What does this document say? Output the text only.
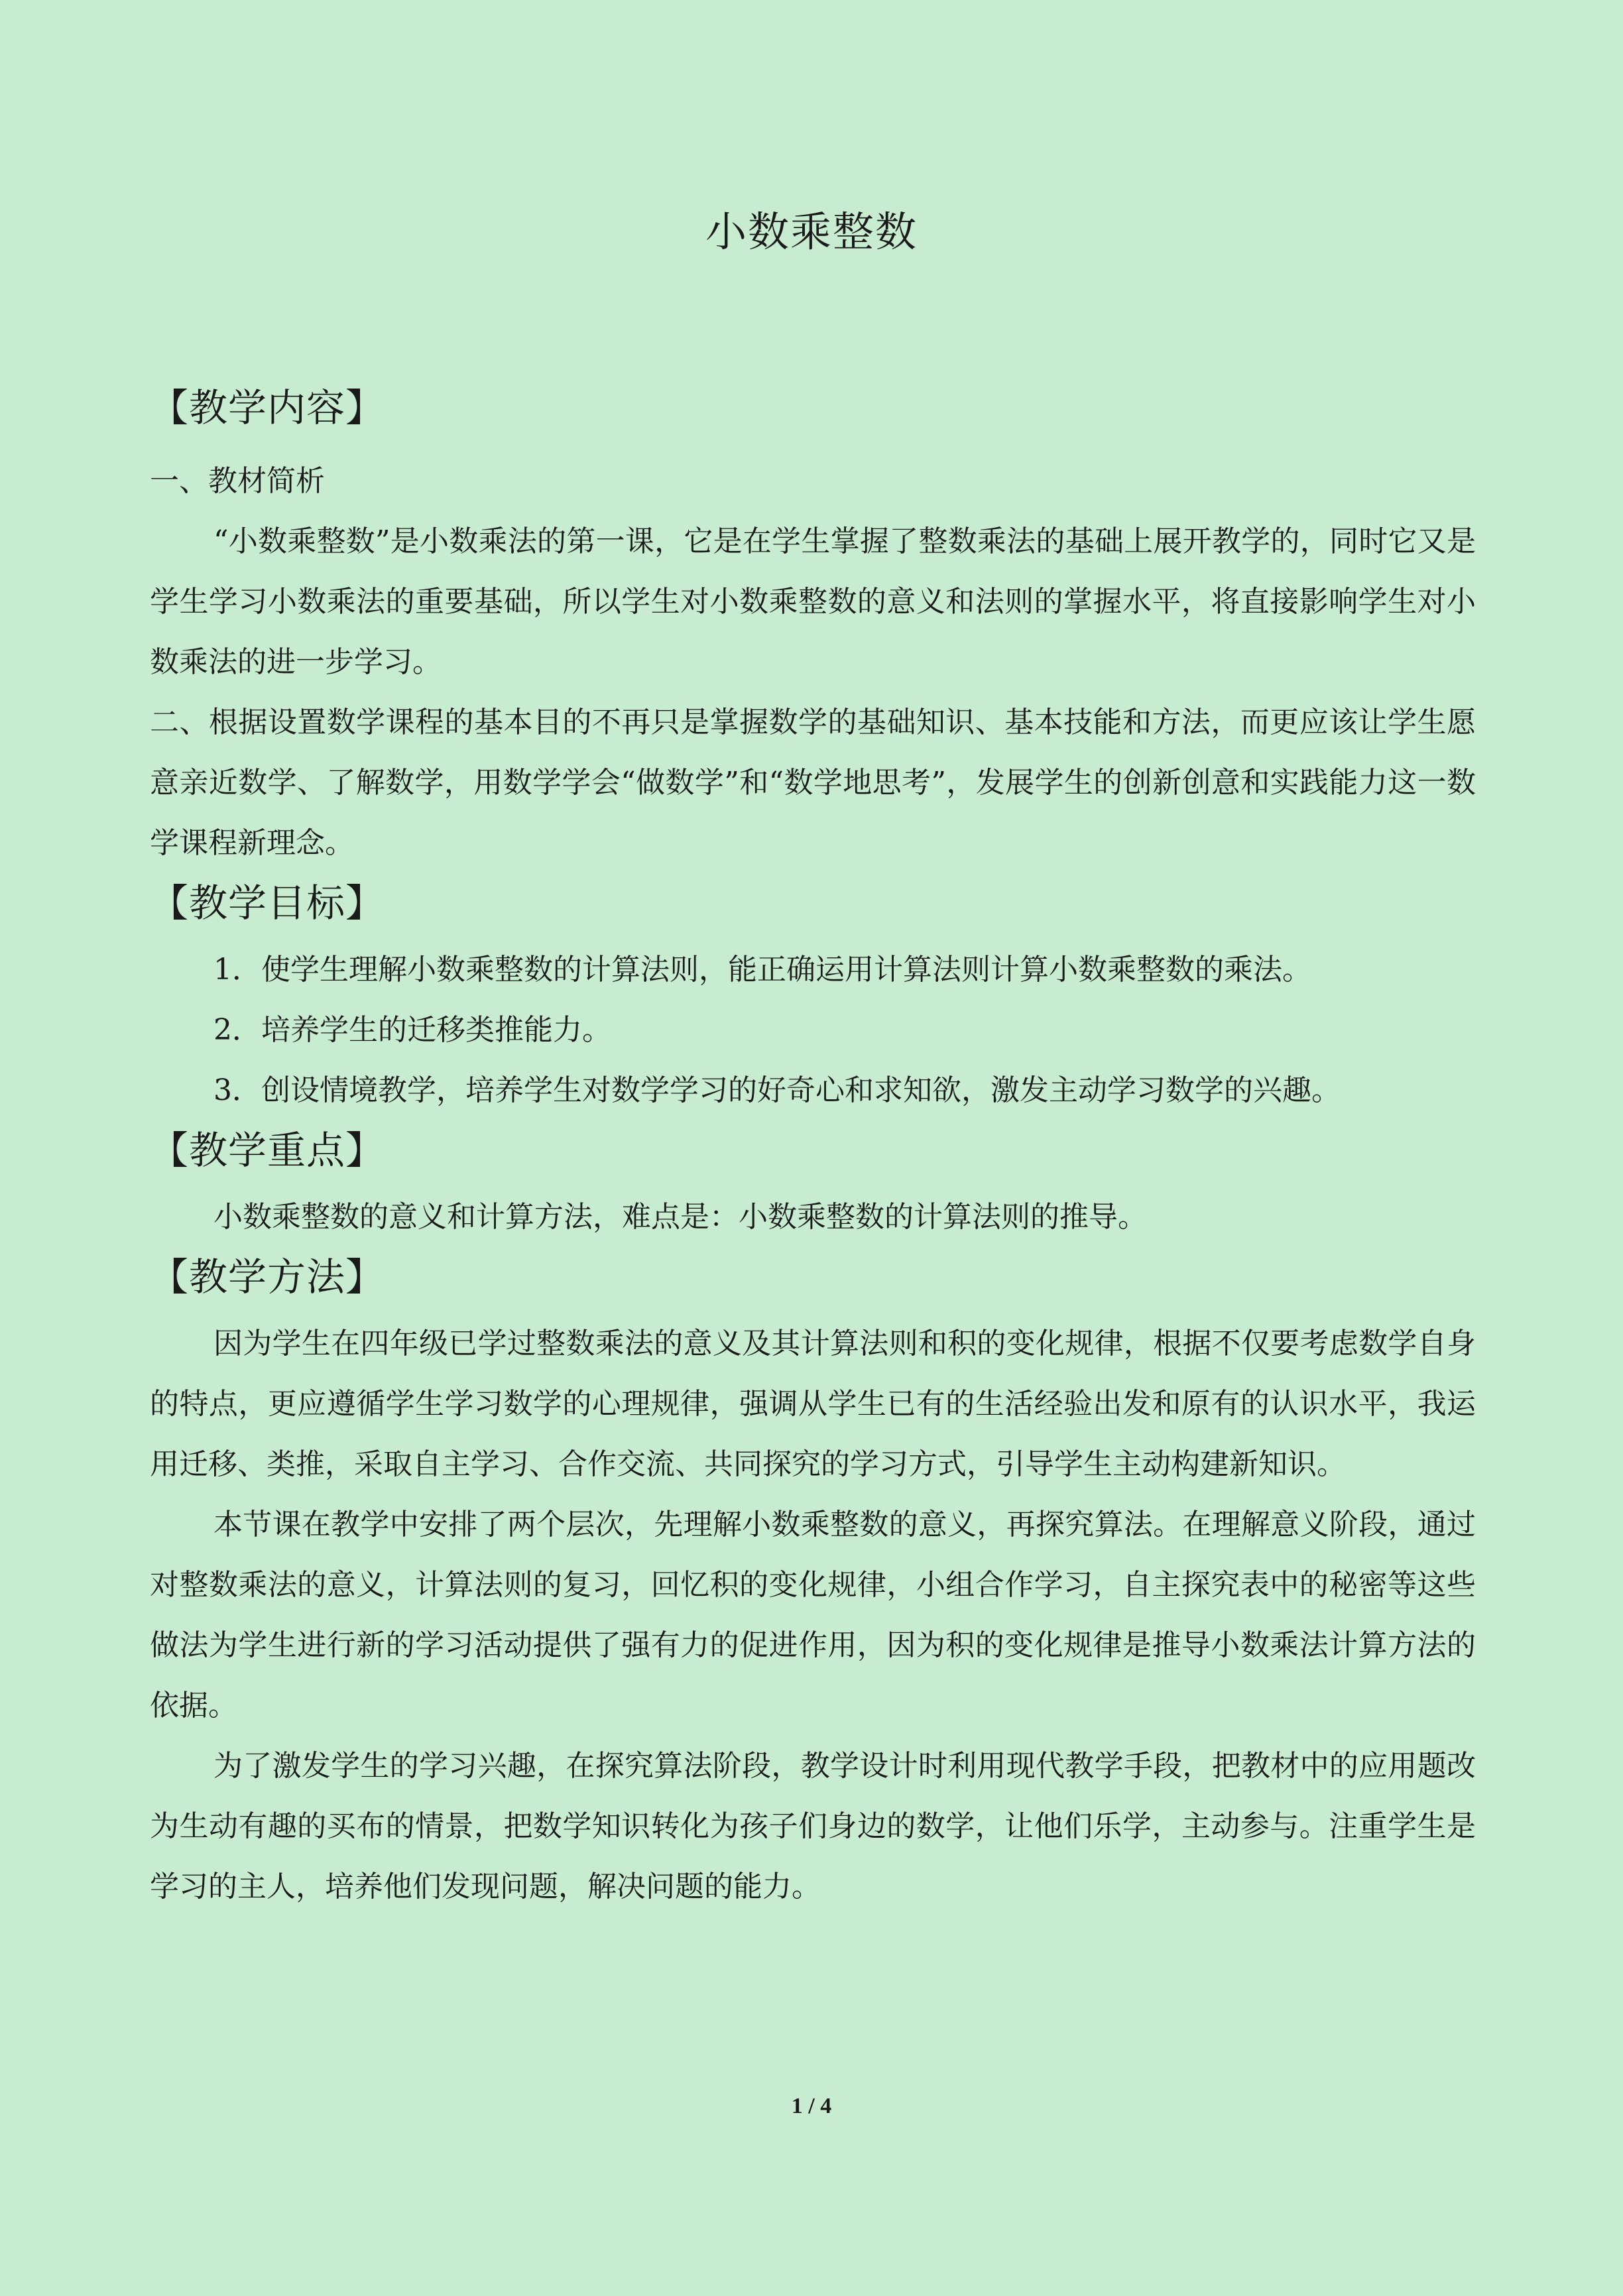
小数乘整数
【教学内容】

一、教材简析

“小数乘整数”是小数乘法的第一课，它是在学生掌握了整数乘法的基础上展开教学的，同时它又是学生学习小数乘法的重要基础，所以学生对小数乘整数的意义和法则的掌握水平，将直接影响学生对小数乘法的进一步学习。

二、根据设置数学课程的基本目的不再只是掌握数学的基础知识、基本技能和方法，而更应该让学生愿意亲近数学、了解数学，用数学学会“做数学”和“数学地思考”，发展学生的创新创意和实践能力这一数学课程新理念。

【教学目标】

1．使学生理解小数乘整数的计算法则，能正确运用计算法则计算小数乘整数的乘法。

2．培养学生的迁移类推能力。

3．创设情境教学，培养学生对数学学习的好奇心和求知欲，激发主动学习数学的兴趣。

【教学重点】

小数乘整数的意义和计算方法，难点是：小数乘整数的计算法则的推导。

【教学方法】

因为学生在四年级已学过整数乘法的意义及其计算法则和积的变化规律，根据不仅要考虑数学自身的特点，更应遵循学生学习数学的心理规律，强调从学生已有的生活经验出发和原有的认识水平，我运用迁移、类推，采取自主学习、合作交流、共同探究的学习方式，引导学生主动构建新知识。

本节课在教学中安排了两个层次，先理解小数乘整数的意义，再探究算法。在理解意义阶段，通过对整数乘法的意义，计算法则的复习，回忆积的变化规律，小组合作学习，自主探究表中的秘密等这些做法为学生进行新的学习活动提供了强有力的促进作用，因为积的变化规律是推导小数乘法计算方法的依据。

为了激发学生的学习兴趣，在探究算法阶段，教学设计时利用现代教学手段，把教材中的应用题改为生动有趣的买布的情景，把数学知识转化为孩子们身边的数学，让他们乐学，主动参与。注重学生是学习的主人，培养他们发现问题，解决问题的能力。

1 / 4
